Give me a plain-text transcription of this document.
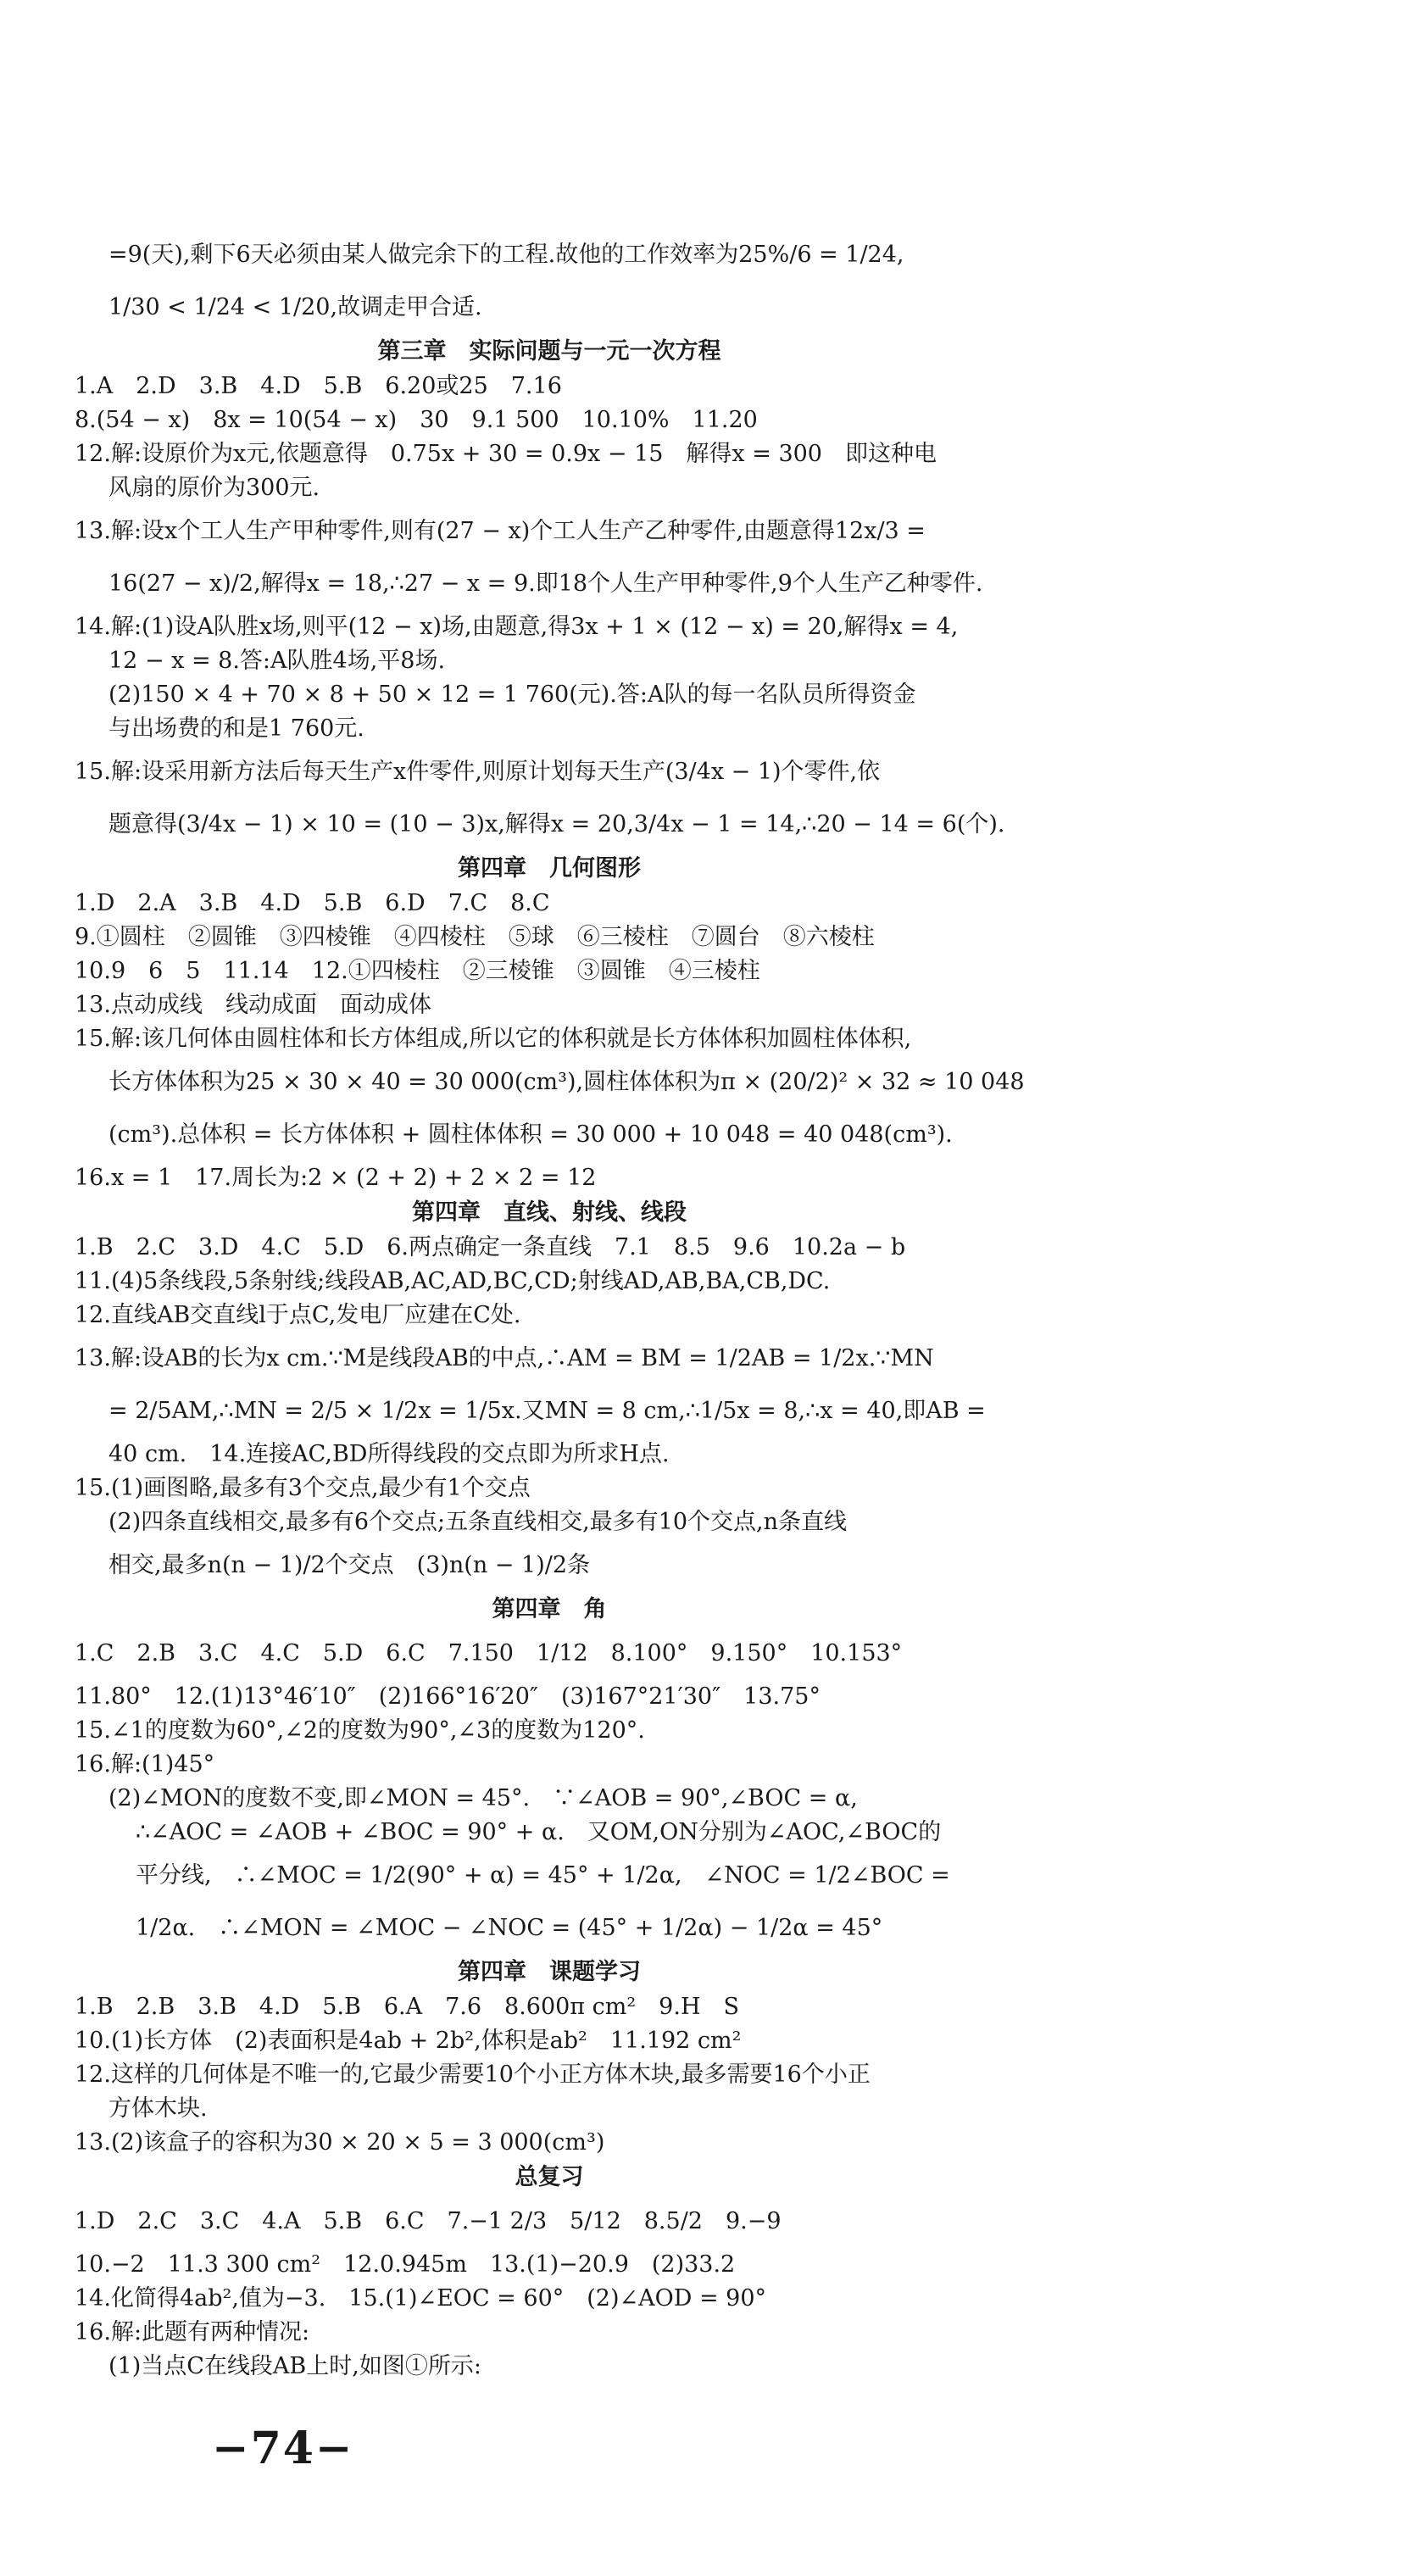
=9(天),剩下6天必须由某人做完余下的工程.故他的工作效率为25%/6 = 1/24,
1/30 < 1/24 < 1/20,故调走甲合适.
第三章　实际问题与一元一次方程
1.A　2.D　3.B　4.D　5.B　6.20或25　7.16
8.(54 − x)　8x = 10(54 − x)　30　9.1 500　10.10%　11.20
12.解:设原价为x元,依题意得　0.75x + 30 = 0.9x − 15　解得x = 300　即这种电
风扇的原价为300元.
13.解:设x个工人生产甲种零件,则有(27 − x)个工人生产乙种零件,由题意得12x/3 =
16(27 − x)/2,解得x = 18,∴27 − x = 9.即18个人生产甲种零件,9个人生产乙种零件.
14.解:(1)设A队胜x场,则平(12 − x)场,由题意,得3x + 1 × (12 − x) = 20,解得x = 4,
12 − x = 8.答:A队胜4场,平8场.
(2)150 × 4 + 70 × 8 + 50 × 12 = 1 760(元).答:A队的每一名队员所得资金
与出场费的和是1 760元.
15.解:设采用新方法后每天生产x件零件,则原计划每天生产(3/4x − 1)个零件,依
题意得(3/4x − 1) × 10 = (10 − 3)x,解得x = 20,3/4x − 1 = 14,∴20 − 14 = 6(个).
第四章　几何图形
1.D　2.A　3.B　4.D　5.B　6.D　7.C　8.C
9.①圆柱　②圆锥　③四棱锥　④四棱柱　⑤球　⑥三棱柱　⑦圆台　⑧六棱柱
10.9　6　5　11.14　12.①四棱柱　②三棱锥　③圆锥　④三棱柱
13.点动成线　线动成面　面动成体
15.解:该几何体由圆柱体和长方体组成,所以它的体积就是长方体体积加圆柱体体积,
长方体体积为25 × 30 × 40 = 30 000(cm³),圆柱体体积为π × (20/2)² × 32 ≈ 10 048
(cm³).总体积 = 长方体体积 + 圆柱体体积 = 30 000 + 10 048 = 40 048(cm³).
16.x = 1　17.周长为:2 × (2 + 2) + 2 × 2 = 12
第四章　直线、射线、线段
1.B　2.C　3.D　4.C　5.D　6.两点确定一条直线　7.1　8.5　9.6　10.2a − b
11.(4)5条线段,5条射线;线段AB,AC,AD,BC,CD;射线AD,AB,BA,CB,DC.
12.直线AB交直线l于点C,发电厂应建在C处.
13.解:设AB的长为x cm.∵M是线段AB的中点,∴AM = BM = 1/2AB = 1/2x.∵MN
= 2/5AM,∴MN = 2/5 × 1/2x = 1/5x.又MN = 8 cm,∴1/5x = 8,∴x = 40,即AB =
40 cm.　14.连接AC,BD所得线段的交点即为所求H点.
15.(1)画图略,最多有3个交点,最少有1个交点
(2)四条直线相交,最多有6个交点;五条直线相交,最多有10个交点,n条直线
相交,最多n(n − 1)/2个交点　(3)n(n − 1)/2条
第四章　角
1.C　2.B　3.C　4.C　5.D　6.C　7.150　1/12　8.100°　9.150°　10.153°
11.80°　12.(1)13°46′10″　(2)166°16′20″　(3)167°21′30″　13.75°
15.∠1的度数为60°,∠2的度数为90°,∠3的度数为120°.
16.解:(1)45°
(2)∠MON的度数不变,即∠MON = 45°.　∵∠AOB = 90°,∠BOC = α,
∴∠AOC = ∠AOB + ∠BOC = 90° + α.　又OM,ON分别为∠AOC,∠BOC的
平分线,　∴∠MOC = 1/2(90° + α) = 45° + 1/2α,　∠NOC = 1/2∠BOC =
1/2α.　∴∠MON = ∠MOC − ∠NOC = (45° + 1/2α) − 1/2α = 45°
第四章　课题学习
1.B　2.B　3.B　4.D　5.B　6.A　7.6　8.600π cm²　9.H　S
10.(1)长方体　(2)表面积是4ab + 2b²,体积是ab²　11.192 cm²
12.这样的几何体是不唯一的,它最少需要10个小正方体木块,最多需要16个小正
方体木块.
13.(2)该盒子的容积为30 × 20 × 5 = 3 000(cm³)
总复习
1.D　2.C　3.C　4.A　5.B　6.C　7.−1 2/3　5/12　8.5/2　9.−9
10.−2　11.3 300 cm²　12.0.945m　13.(1)−20.9　(2)33.2
14.化简得4ab²,值为−3.　15.(1)∠EOC = 60°　(2)∠AOD = 90°
16.解:此题有两种情况:
(1)当点C在线段AB上时,如图①所示:
−74−
